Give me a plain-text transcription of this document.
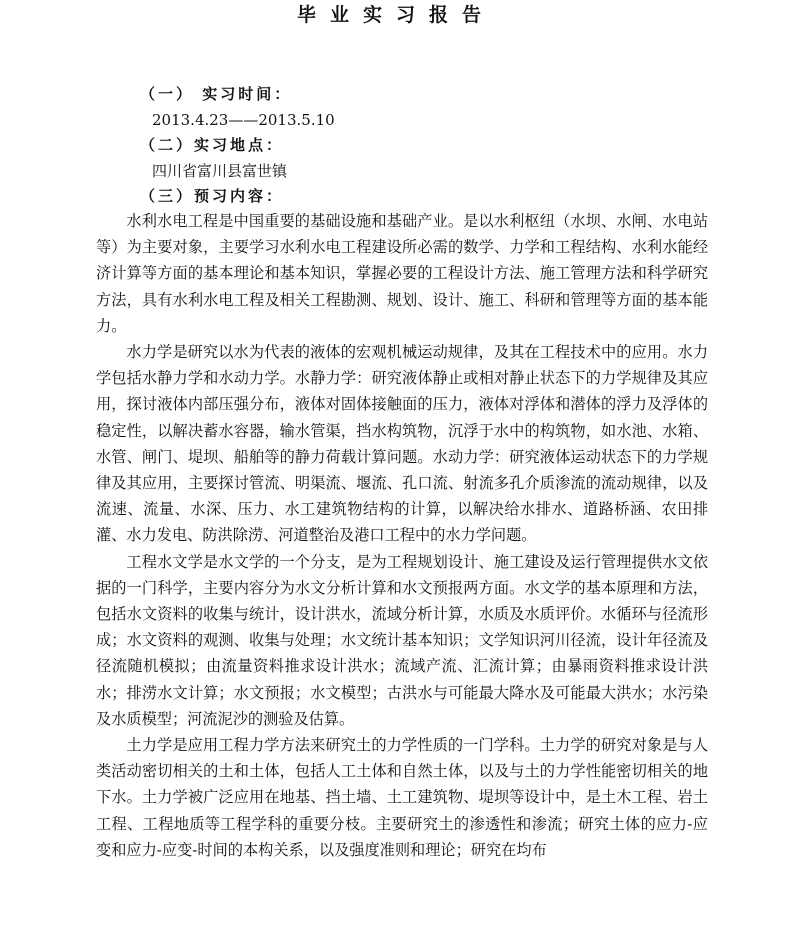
毕业实习报告
（一） 实习时间：
2013.4.23——2013.5.10
（二）实习地点：
四川省富川县富世镇
（三）预习内容：

水利水电工程是中国重要的基础设施和基础产业。是以水利枢纽（水坝、水闸、水电站等）为主要对象，主要学习水利水电工程建设所必需的数学、力学和工程结构、水利水能经济计算等方面的基本理论和基本知识，掌握必要的工程设计方法、施工管理方法和科学研究方法，具有水利水电工程及相关工程勘测、规划、设计、施工、科研和管理等方面的基本能力。

水力学是研究以水为代表的液体的宏观机械运动规律，及其在工程技术中的应用。水力学包括水静力学和水动力学。水静力学：研究液体静止或相对静止状态下的力学规律及其应用，探讨液体内部压强分布，液体对固体接触面的压力，液体对浮体和潜体的浮力及浮体的稳定性，以解决蓄水容器，输水管渠，挡水构筑物，沉浮于水中的构筑物，如水池、水箱、水管、闸门、堤坝、船舶等的静力荷载计算问题。水动力学：研究液体运动状态下的力学规律及其应用，主要探讨管流、明渠流、堰流、孔口流、射流多孔介质渗流的流动规律，以及流速、流量、水深、压力、水工建筑物结构的计算，以解决给水排水、道路桥涵、农田排灌、水力发电、防洪除涝、河道整治及港口工程中的水力学问题。

工程水文学是水文学的一个分支，是为工程规划设计、施工建设及运行管理提供水文依据的一门科学，主要内容分为水文分析计算和水文预报两方面。水文学的基本原理和方法，包括水文资料的收集与统计，设计洪水，流域分析计算，水质及水质评价。水循环与径流形成；水文资料的观测、收集与处理；水文统计基本知识；文学知识河川径流，设计年径流及径流随机模拟；由流量资料推求设计洪水；流域产流、汇流计算；由暴雨资料推求设计洪水；排涝水文计算；水文预报；水文模型；古洪水与可能最大降水及可能最大洪水；水污染及水质模型；河流泥沙的测验及估算。

土力学是应用工程力学方法来研究土的力学性质的一门学科。土力学的研究对象是与人类活动密切相关的土和土体，包括人工土体和自然土体，以及与土的力学性能密切相关的地下水。土力学被广泛应用在地基、挡土墙、土工建筑物、堤坝等设计中，是土木工程、岩土工程、工程地质等工程学科的重要分枝。主要研究土的渗透性和渗流；研究土体的应力-应变和应力-应变-时间的本构关系，以及强度准则和理论；研究在均布
